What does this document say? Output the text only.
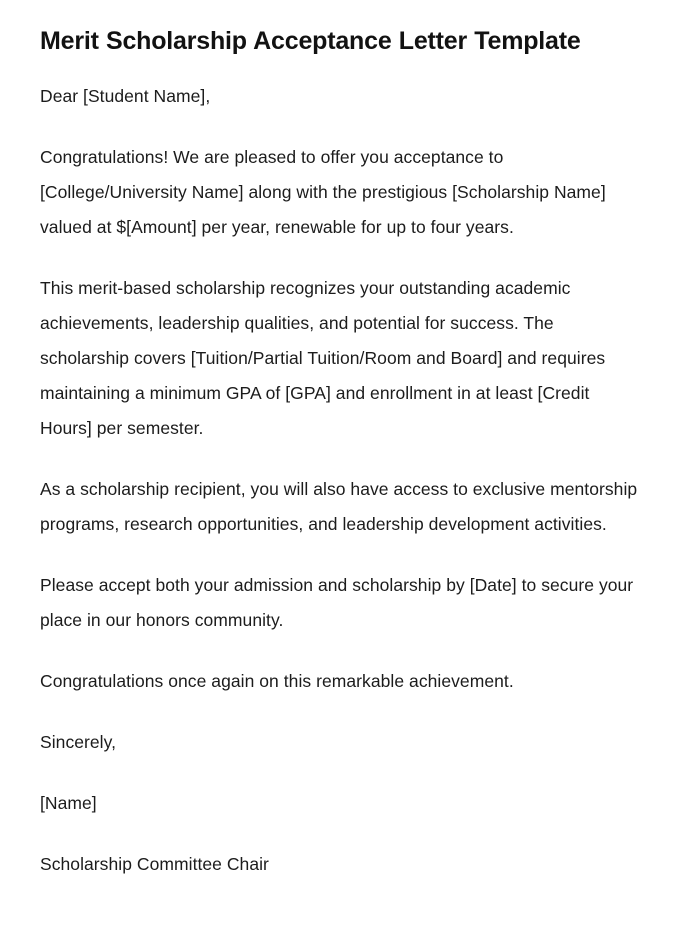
Merit Scholarship Acceptance Letter Template

Dear [Student Name],

Congratulations! We are pleased to offer you acceptance to [College/University Name] along with the prestigious [Scholarship Name] valued at $[Amount] per year, renewable for up to four years.

This merit-based scholarship recognizes your outstanding academic achievements, leadership qualities, and potential for success. The scholarship covers [Tuition/Partial Tuition/Room and Board] and requires maintaining a minimum GPA of [GPA] and enrollment in at least [Credit Hours] per semester.

As a scholarship recipient, you will also have access to exclusive mentorship programs, research opportunities, and leadership development activities.

Please accept both your admission and scholarship by [Date] to secure your place in our honors community.

Congratulations once again on this remarkable achievement.

Sincerely,

[Name]

Scholarship Committee Chair
